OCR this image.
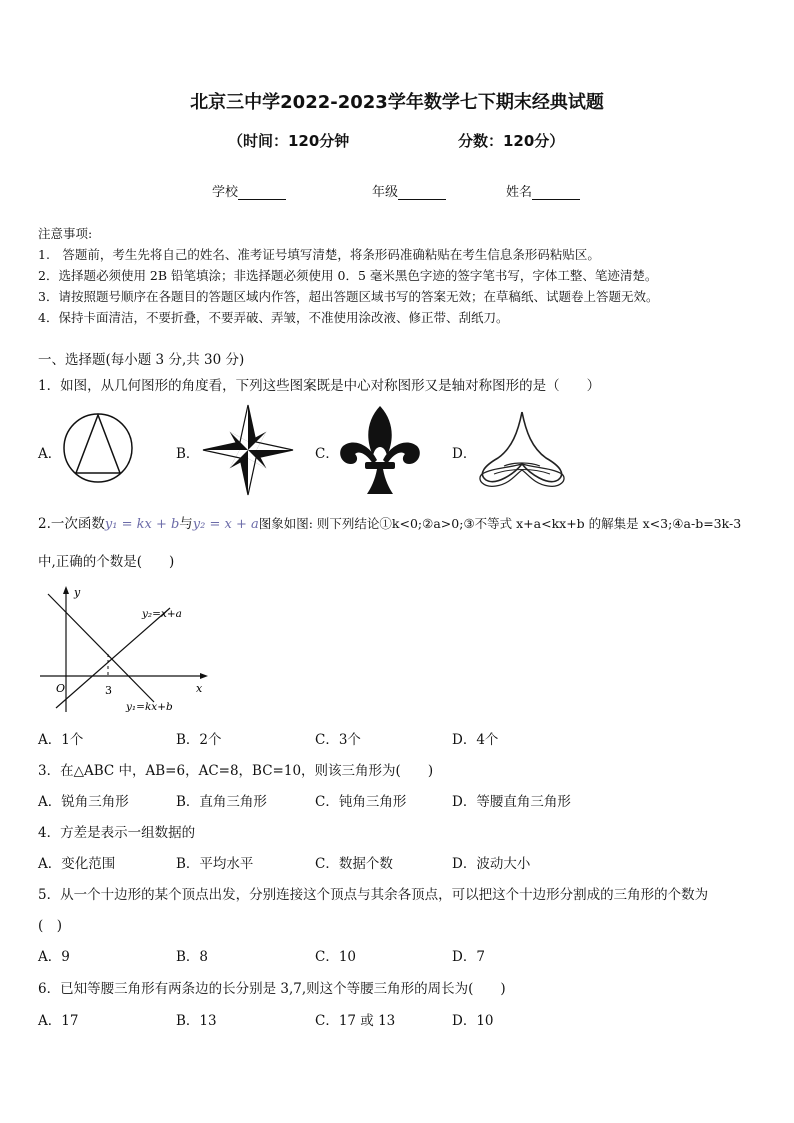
北京三中学2022-2023学年数学七下期末经典试题
（时间：120分钟	分数：120分）
学校	年级	姓名
注意事项:
1.　答题前，考生先将自己的姓名、准考证号填写清楚，将条形码准确粘贴在考生信息条形码粘贴区。
2．选择题必须使用 2B 铅笔填涂；非选择题必须使用 0．5 毫米黑色字迹的签字笔书写，字体工整、笔迹清楚。
3．请按照题号顺序在各题目的答题区域内作答，超出答题区域书写的答案无效；在草稿纸、试题卷上答题无效。
4．保持卡面清洁，不要折叠，不要弄破、弄皱，不准使用涂改液、修正带、刮纸刀。
一、选择题(每小题 3 分,共 30 分)
1．如图，从几何图形的角度看，下列这些图案既是中心对称图形又是轴对称图形的是（　　）
A．	B．	C．	D．
2.一次函数y₁ = kx + b与y₂ = x + a图象如图: 则下列结论①k<0;②a>0;③不等式 x+a<kx+b 的解集是 x<3;④a-b=3k-3
中,正确的个数是(　　)
y
x
O	3
y₂=x+a
y₁=kx+b
A．1个	B．2个	C．3个	D．4个
3．在△ABC 中，AB=6，AC=8，BC=10，则该三角形为(　　)
A．锐角三角形	B．直角三角形	C．钝角三角形	D．等腰直角三角形
4．方差是表示一组数据的
A．变化范围	B．平均水平	C．数据个数	D．波动大小
5．从一个十边形的某个顶点出发，分别连接这个顶点与其余各顶点，可以把这个十边形分割成的三角形的个数为
(　)
A．9	B．8	C．10	D．7
6．已知等腰三角形有两条边的长分别是 3,7,则这个等腰三角形的周长为(　　)
A．17	B．13	C．17 或 13	D．10
